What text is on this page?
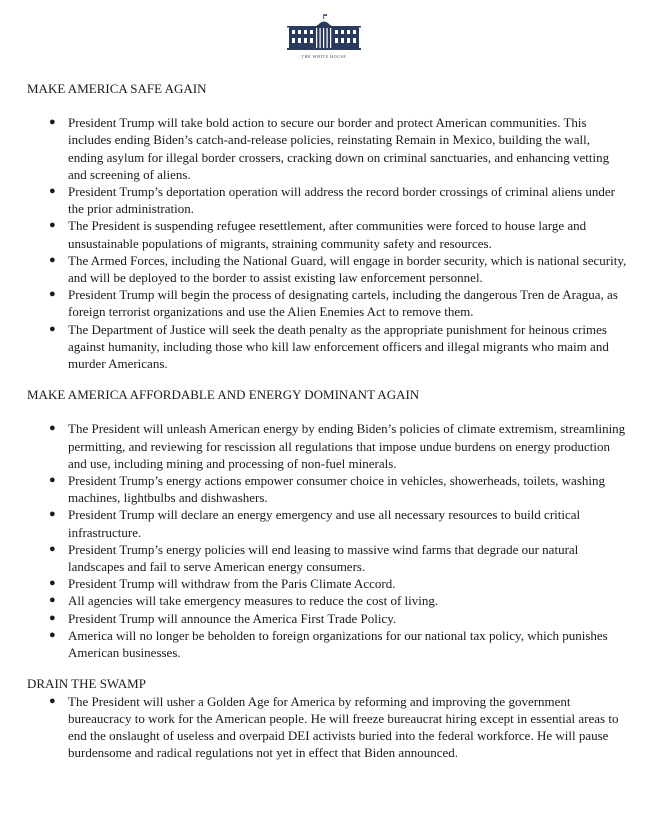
THE WHITE HOUSE
MAKE AMERICA SAFE AGAIN
● President Trump will take bold action to secure our border and protect American communities. This includes ending Biden’s catch-and-release policies, reinstating Remain in Mexico, building the wall, ending asylum for illegal border crossers, cracking down on criminal sanctuaries, and enhancing vetting and screening of aliens.
● President Trump’s deportation operation will address the record border crossings of criminal aliens under the prior administration.
● The President is suspending refugee resettlement, after communities were forced to house large and unsustainable populations of migrants, straining community safety and resources.
● The Armed Forces, including the National Guard, will engage in border security, which is national security, and will be deployed to the border to assist existing law enforcement personnel.
● President Trump will begin the process of designating cartels, including the dangerous Tren de Aragua, as foreign terrorist organizations and use the Alien Enemies Act to remove them.
● The Department of Justice will seek the death penalty as the appropriate punishment for heinous crimes against humanity, including those who kill law enforcement officers and illegal migrants who maim and murder Americans.
MAKE AMERICA AFFORDABLE AND ENERGY DOMINANT AGAIN
● The President will unleash American energy by ending Biden’s policies of climate extremism, streamlining permitting, and reviewing for rescission all regulations that impose undue burdens on energy production and use, including mining and processing of non-fuel minerals.
● President Trump’s energy actions empower consumer choice in vehicles, showerheads, toilets, washing machines, lightbulbs and dishwashers.
● President Trump will declare an energy emergency and use all necessary resources to build critical infrastructure.
● President Trump’s energy policies will end leasing to massive wind farms that degrade our natural landscapes and fail to serve American energy consumers.
● President Trump will withdraw from the Paris Climate Accord.
● All agencies will take emergency measures to reduce the cost of living.
● President Trump will announce the America First Trade Policy.
● America will no longer be beholden to foreign organizations for our national tax policy, which punishes American businesses.
DRAIN THE SWAMP
● The President will usher a Golden Age for America by reforming and improving the government bureaucracy to work for the American people. He will freeze bureaucrat hiring except in essential areas to end the onslaught of useless and overpaid DEI activists buried into the federal workforce. He will pause burdensome and radical regulations not yet in effect that Biden announced.
